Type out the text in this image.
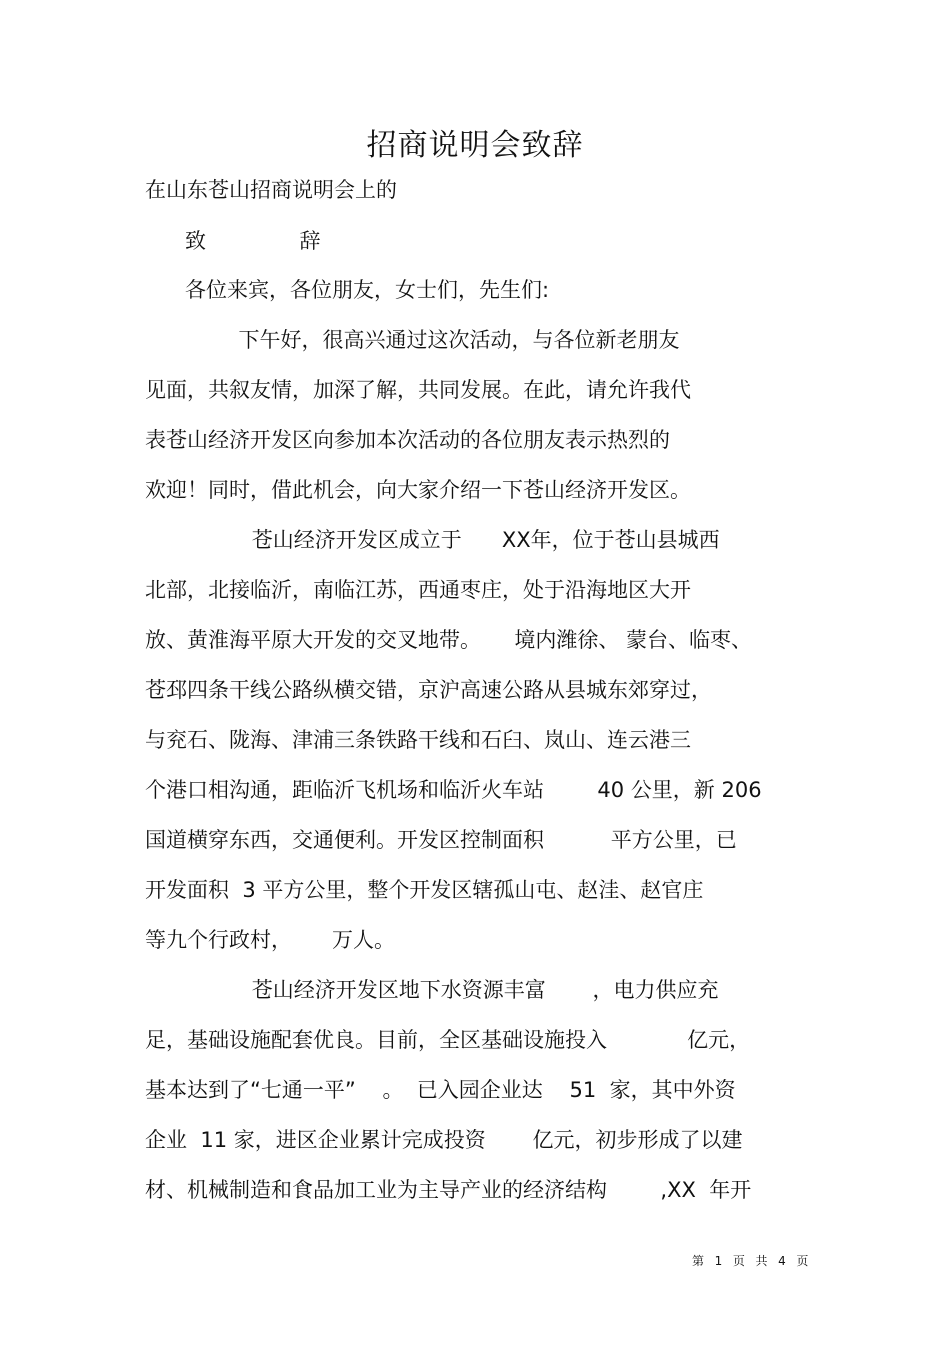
招商说明会致辞
在山东苍山招商说明会上的
致              辞
各位来宾，各位朋友，女士们，先生们:
下午好，很高兴通过这次活动，与各位新老朋友
见面，共叙友情，加深了解，共同发展。在此，请允许我代
表苍山经济开发区向参加本次活动的各位朋友表示热烈的
欢迎！同时，借此机会，向大家介绍一下苍山经济开发区。
苍山经济开发区成立于      XX年，位于苍山县城西
北部，北接临沂，南临江苏，西通枣庄，处于沿海地区大开
放、黄淮海平原大开发的交叉地带。     境内潍徐、 蒙台、临枣、
苍邳四条干线公路纵横交错，京沪高速公路从县城东郊穿过，
与兖石、陇海、津浦三条铁路干线和石臼、岚山、连云港三
个港口相沟通，距临沂飞机场和临沂火车站        40 公里，新 206
国道横穿东西，交通便利。开发区控制面积          平方公里，已
开发面积  3 平方公里，整个开发区辖孤山屯、赵洼、赵官庄
等九个行政村，      万人。
苍山经济开发区地下水资源丰富       ，电力供应充
足，基础设施配套优良。目前，全区基础设施投入            亿元，
基本达到了“七通一平”    。  已入园企业达    51  家，其中外资
企业  11 家，进区企业累计完成投资       亿元，初步形成了以建
材、机械制造和食品加工业为主导产业的经济结构        ,XX  年开
第  1  页  共  4  页
